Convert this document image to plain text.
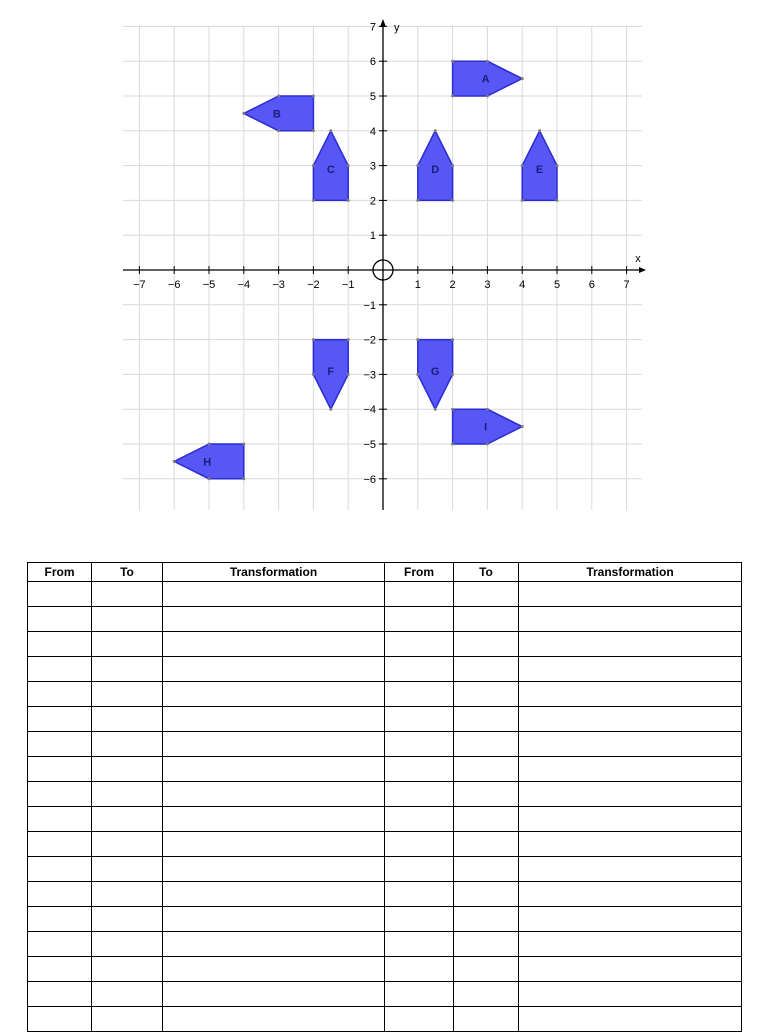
−7 −6 −5 −4 −3 −2 −1	1	2	3	4	5	6	7
7
6
5
4
3
2
1
−1
−2
−3
−4
−5
−6
A
B
C	D	E
F	G
H
I
x
y
From	To	Transformation	From	To	Transformation
